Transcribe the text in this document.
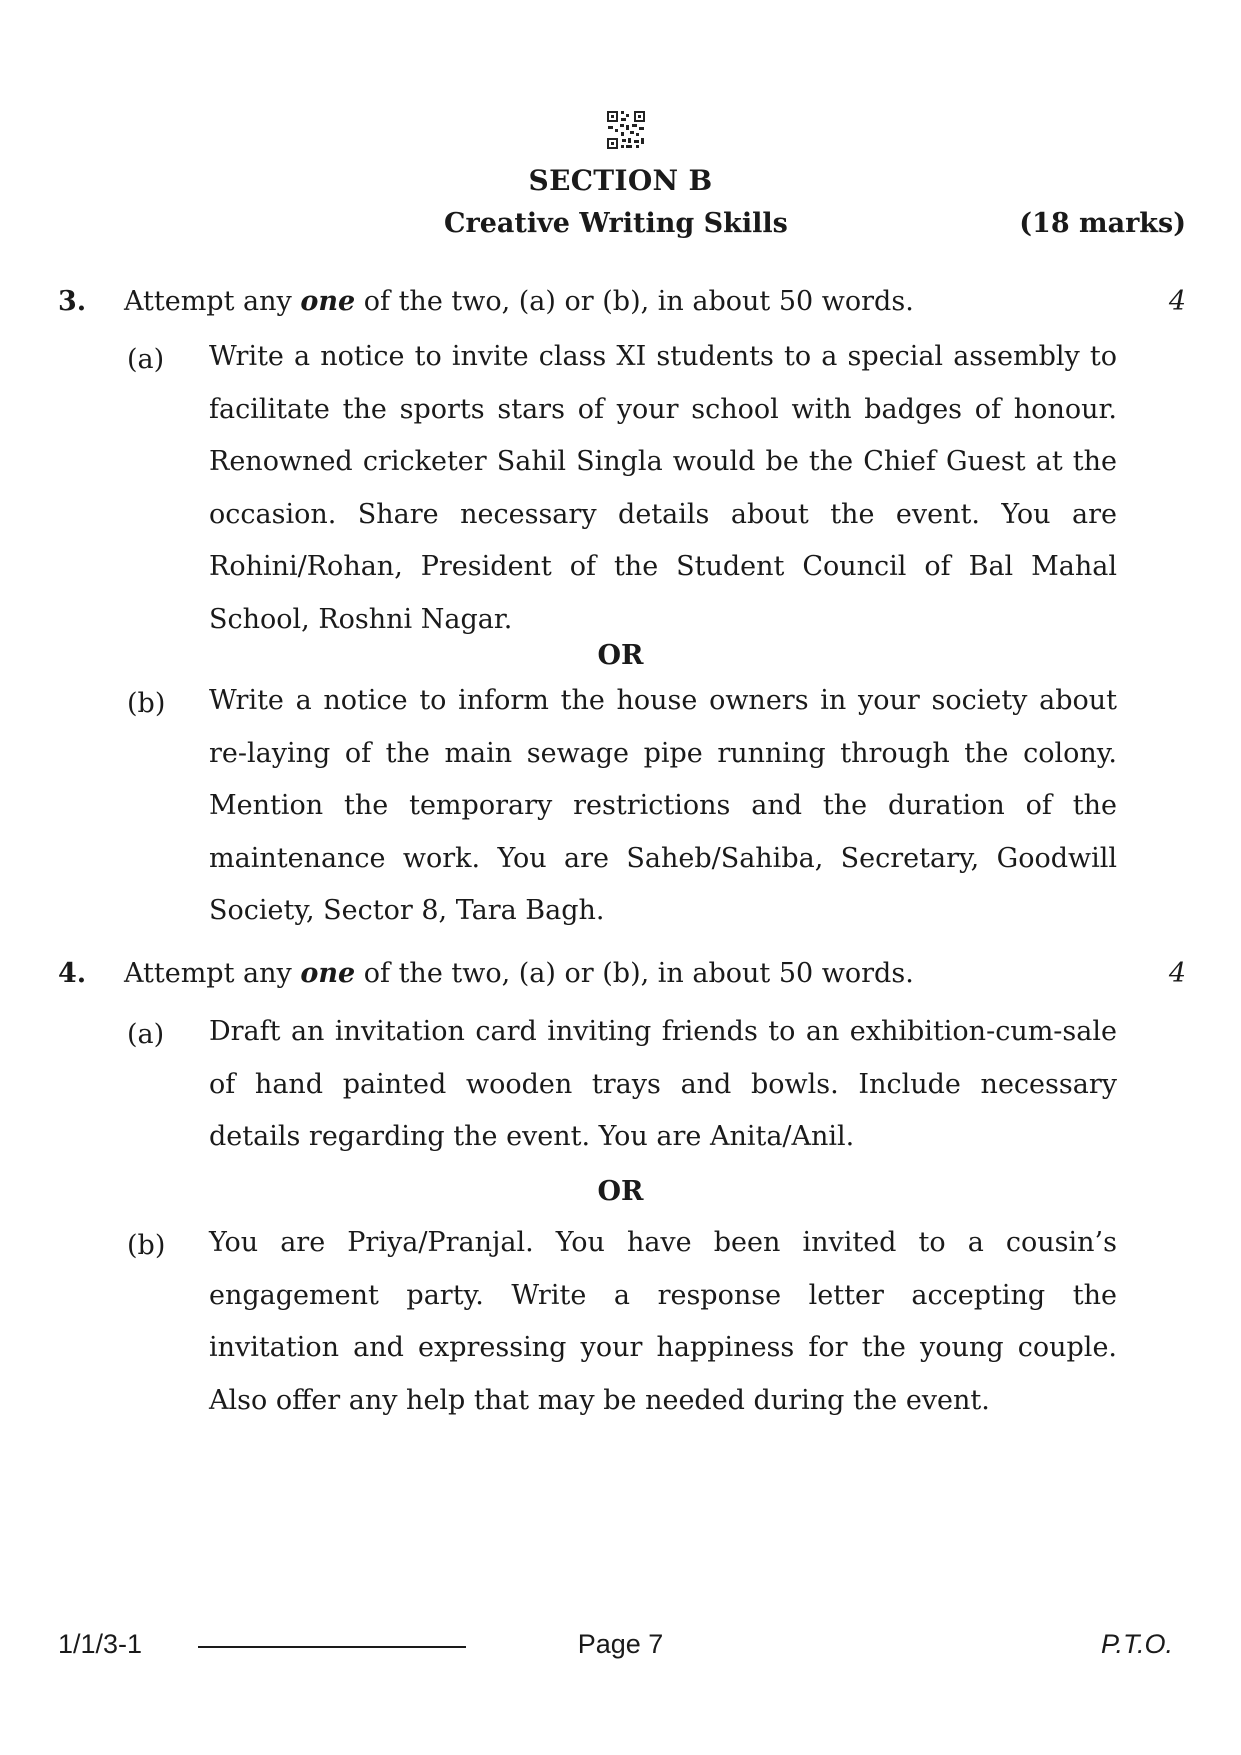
SECTION B
Creative Writing Skills	(18 marks)
3. Attempt any one of the two, (a) or (b), in about 50 words.	4
(a) Write a notice to invite class XI students to a special assembly to facilitate the sports stars of your school with badges of honour. Renowned cricketer Sahil Singla would be the Chief Guest at the occasion. Share necessary details about the event. You are Rohini/Rohan, President of the Student Council of Bal Mahal School, Roshni Nagar.

OR
(b) Write a notice to inform the house owners in your society about re-laying of the main sewage pipe running through the colony. Mention the temporary restrictions and the duration of the maintenance work. You are Saheb/Sahiba, Secretary, Goodwill Society, Sector 8, Tara Bagh.

4. Attempt any one of the two, (a) or (b), in about 50 words.	4
(a) Draft an invitation card inviting friends to an exhibition-cum-sale of hand painted wooden trays and bowls. Include necessary details regarding the event. You are Anita/Anil.

OR
(b) You are Priya/Pranjal. You have been invited to a cousin’s engagement party. Write a response letter accepting the invitation and expressing your happiness for the young couple. Also offer any help that may be needed during the event.

1/1/3-1	Page 7	P.T.O.
